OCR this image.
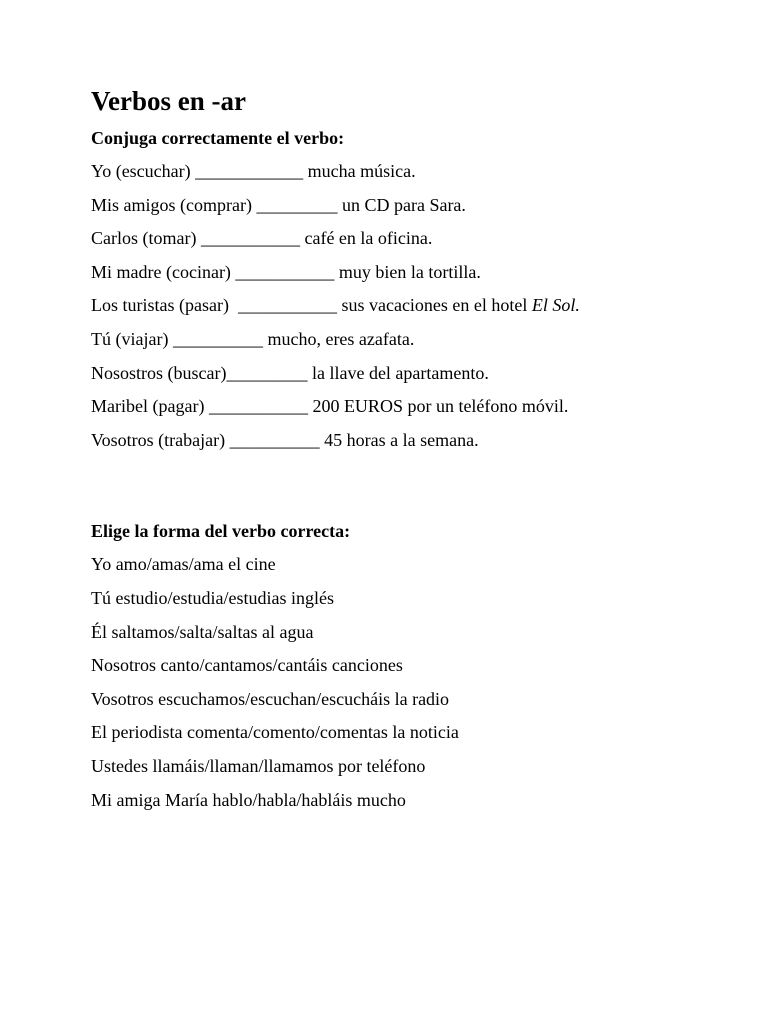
Verbos en -ar
Conjuga correctamente el verbo:
Yo (escuchar) ____________ mucha música.
Mis amigos (comprar) _________ un CD para Sara.
Carlos (tomar) ___________ café en la oficina.
Mi madre (cocinar) ___________ muy bien la tortilla.
Los turistas (pasar)  ___________ sus vacaciones en el hotel El Sol.
Tú (viajar) __________ mucho, eres azafata.
Nosostros (buscar)_________ la llave del apartamento.
Maribel (pagar) ___________ 200 EUROS por un teléfono móvil.
Vosotros (trabajar) __________ 45 horas a la semana.
Elige la forma del verbo correcta:
Yo amo/amas/ama el cine
Tú estudio/estudia/estudias inglés
Él saltamos/salta/saltas al agua
Nosotros canto/cantamos/cantáis canciones
Vosotros escuchamos/escuchan/escucháis la radio
El periodista comenta/comento/comentas la noticia
Ustedes llamáis/llaman/llamamos por teléfono
Mi amiga María hablo/habla/habláis mucho
